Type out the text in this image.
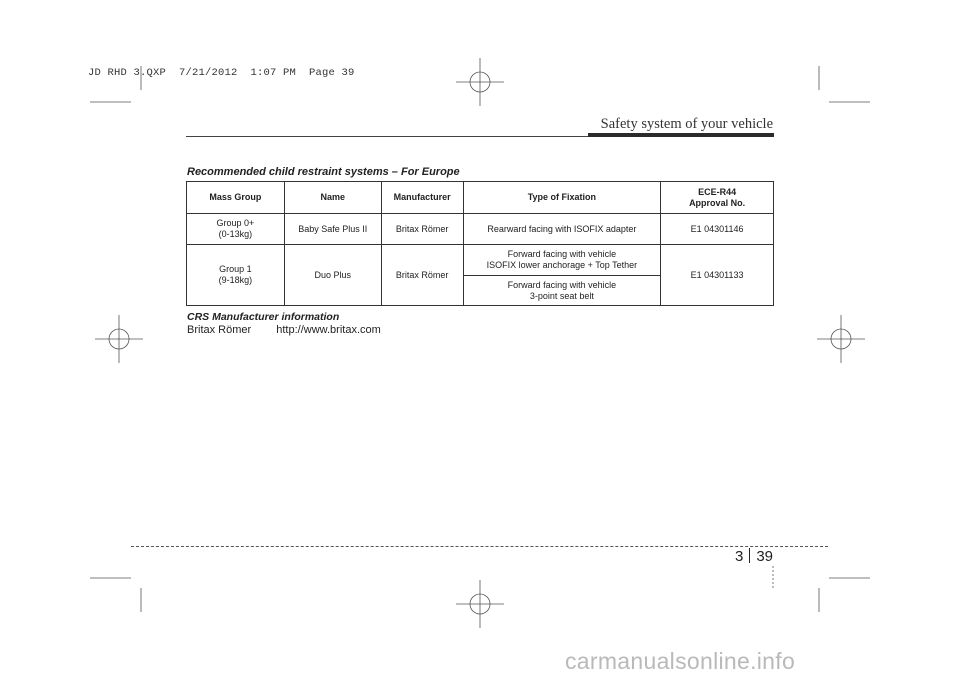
JD RHD 3.QXP  7/21/2012  1:07 PM  Page 39
Safety system of your vehicle
Recommended child restraint systems – For Europe
Mass Group	Name	Manufacturer	Type of Fixation	ECE-R44
Approval No.

Group 0+
(0-13kg)	Baby Safe Plus II	Britax Römer	Rearward facing with ISOFIX adapter	E1 04301146

Group 1
(9-18kg)	Duo Plus	Britax Römer	Forward facing with vehicle
ISOFIX lower anchorage + Top Tether	E1 04301133

			Forward facing with vehicle
3-point seat belt	
CRS Manufacturer information
Britax Römer http://www.britax.com
3 39
carmanualsonline.info
